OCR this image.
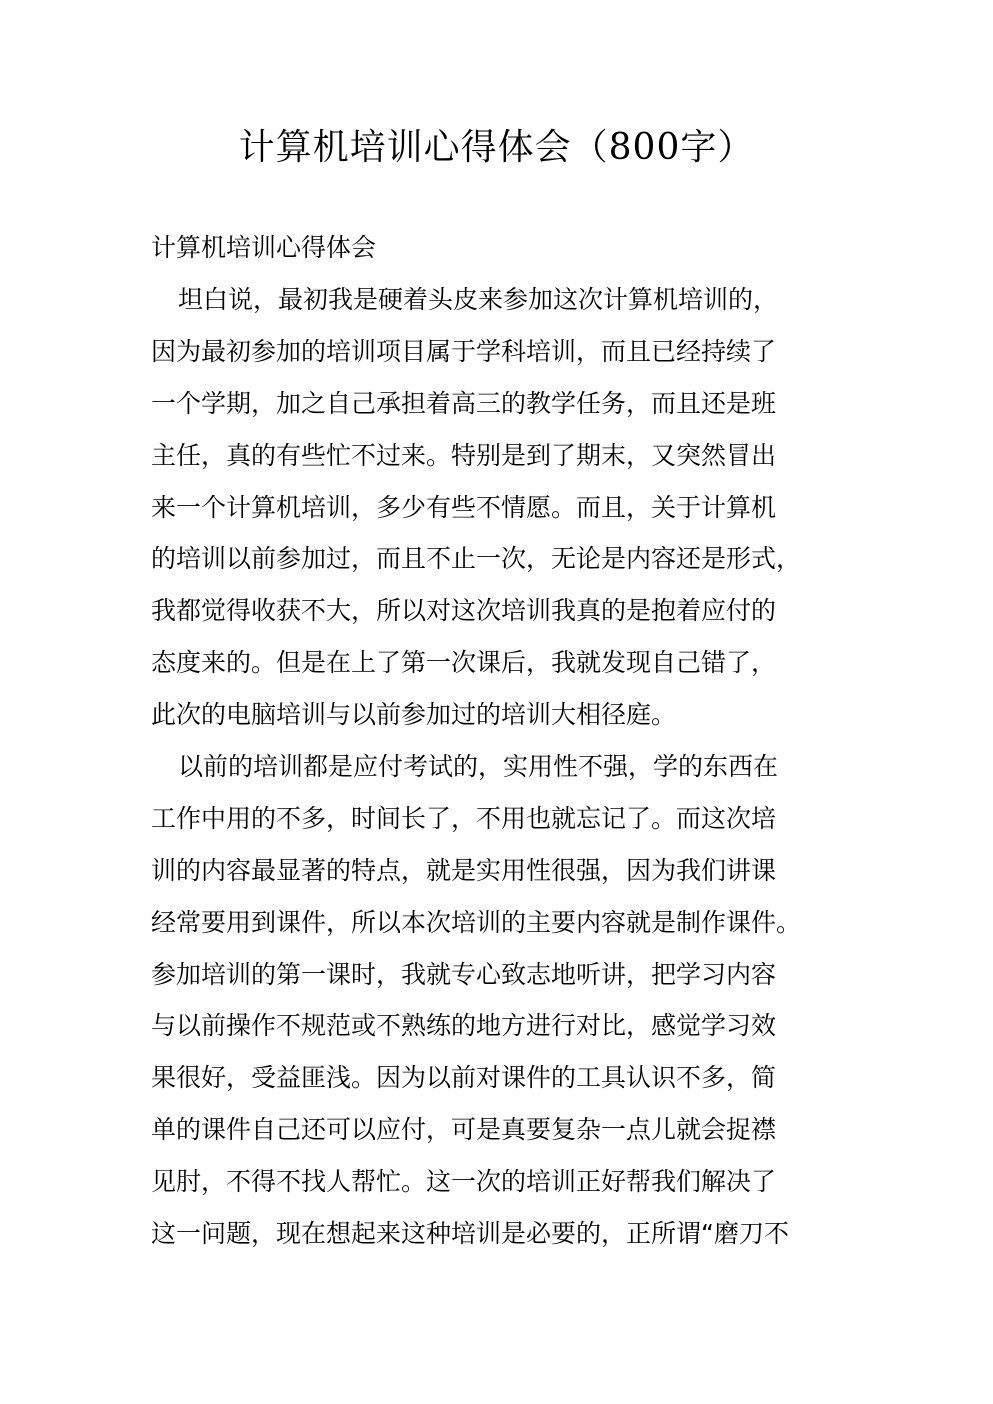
计算机培训心得体会（800字）
计算机培训心得体会
坦白说，最初我是硬着头皮来参加这次计算机培训的，
因为最初参加的培训项目属于学科培训，而且已经持续了
一个学期，加之自己承担着高三的教学任务，而且还是班
主任，真的有些忙不过来。特别是到了期末，又突然冒出
来一个计算机培训，多少有些不情愿。而且，关于计算机
的培训以前参加过，而且不止一次，无论是内容还是形式，
我都觉得收获不大，所以对这次培训我真的是抱着应付的
态度来的。但是在上了第一次课后，我就发现自己错了，
此次的电脑培训与以前参加过的培训大相径庭。
以前的培训都是应付考试的，实用性不强，学的东西在
工作中用的不多，时间长了，不用也就忘记了。而这次培
训的内容最显著的特点，就是实用性很强，因为我们讲课
经常要用到课件，所以本次培训的主要内容就是制作课件。
参加培训的第一课时，我就专心致志地听讲，把学习内容
与以前操作不规范或不熟练的地方进行对比，感觉学习效
果很好，受益匪浅。因为以前对课件的工具认识不多，简
单的课件自己还可以应付，可是真要复杂一点儿就会捉襟
见肘，不得不找人帮忙。这一次的培训正好帮我们解决了
这一问题，现在想起来这种培训是必要的，正所谓“磨刀不
